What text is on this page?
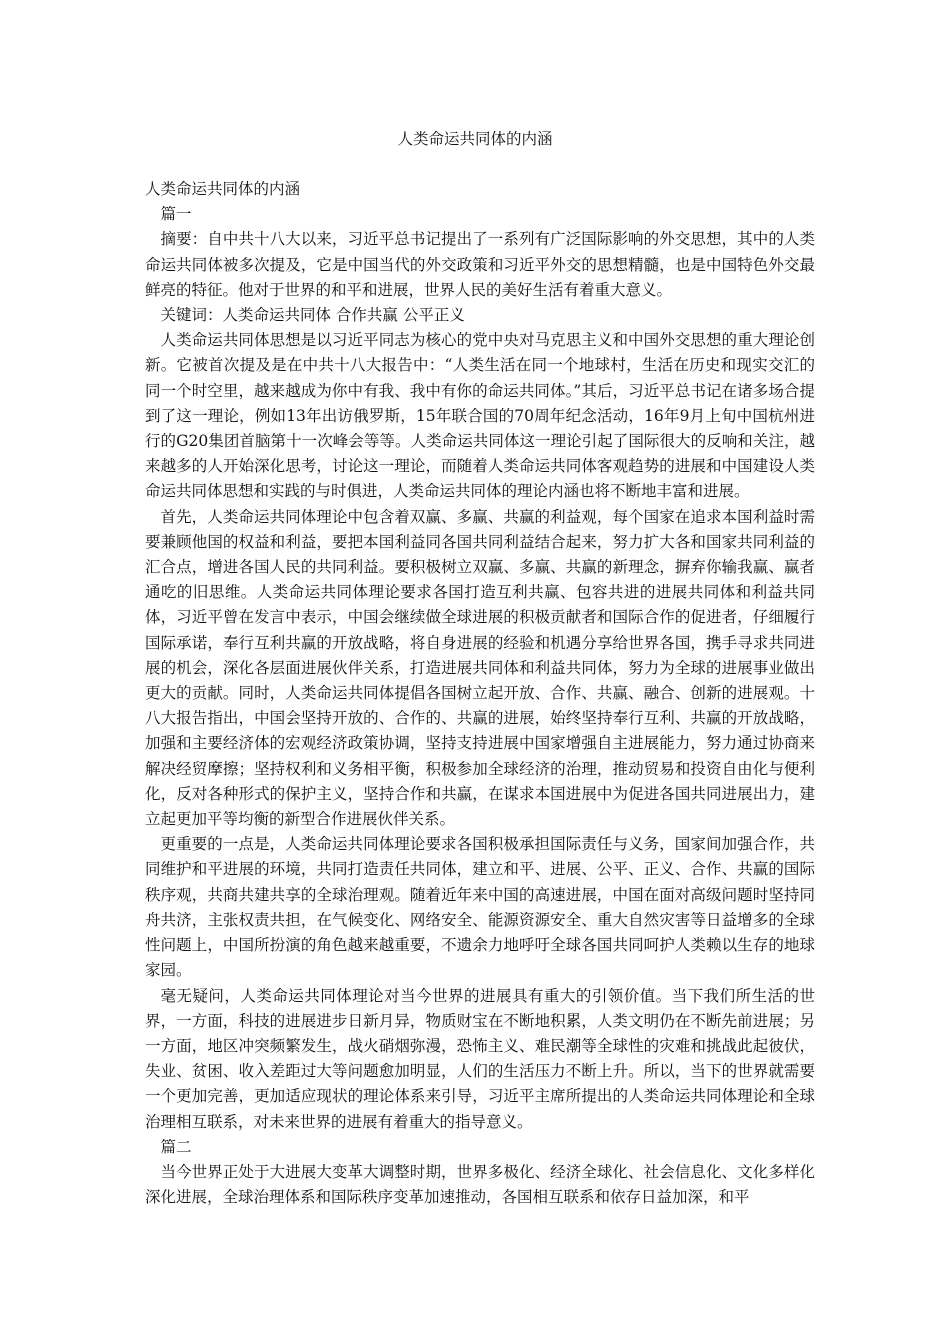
人类命运共同体的内涵

人类命运共同体的内涵

篇一

摘要：自中共十八大以来，习近平总书记提出了一系列有广泛国际影响的外交思想，其中的人类命运共同体被多次提及，它是中国当代的外交政策和习近平外交的思想精髓，也是中国特色外交最鲜亮的特征。他对于世界的和平和进展，世界人民的美好生活有着重大意义。

关键词：人类命运共同体 合作共赢 公平正义

人类命运共同体思想是以习近平同志为核心的党中央对马克思主义和中国外交思想的重大理论创新。它被首次提及是在中共十八大报告中：“人类生活在同一个地球村，生活在历史和现实交汇的同一个时空里，越来越成为你中有我、我中有你的命运共同体。”其后，习近平总书记在诸多场合提到了这一理论，例如13年出访俄罗斯，15年联合国的70周年纪念活动，16年9月上旬中国杭州进行的G20集团首脑第十一次峰会等等。人类命运共同体这一理论引起了国际很大的反响和关注，越来越多的人开始深化思考，讨论这一理论，而随着人类命运共同体客观趋势的进展和中国建设人类命运共同体思想和实践的与时俱进，人类命运共同体的理论内涵也将不断地丰富和进展。

首先，人类命运共同体理论中包含着双赢、多赢、共赢的利益观，每个国家在追求本国利益时需要兼顾他国的权益和利益，要把本国利益同各国共同利益结合起来，努力扩大各和国家共同利益的汇合点，增进各国人民的共同利益。要积极树立双赢、多赢、共赢的新理念，摒弃你输我赢、赢者通吃的旧思维。人类命运共同体理论要求各国打造互利共赢、包容共进的进展共同体和利益共同体，习近平曾在发言中表示，中国会继续做全球进展的积极贡献者和国际合作的促进者，仔细履行国际承诺，奉行互利共赢的开放战略，将自身进展的经验和机遇分享给世界各国，携手寻求共同进展的机会，深化各层面进展伙伴关系，打造进展共同体和利益共同体，努力为全球的进展事业做出更大的贡献。同时，人类命运共同体提倡各国树立起开放、合作、共赢、融合、创新的进展观。十八大报告指出，中国会坚持开放的、合作的、共赢的进展，始终坚持奉行互利、共赢的开放战略，加强和主要经济体的宏观经济政策协调，坚持支持进展中国家增强自主进展能力，努力通过协商来解决经贸摩擦；坚持权利和义务相平衡，积极参加全球经济的治理，推动贸易和投资自由化与便利化，反对各种形式的保护主义，坚持合作和共赢，在谋求本国进展中为促进各国共同进展出力，建立起更加平等均衡的新型合作进展伙伴关系。

更重要的一点是，人类命运共同体理论要求各国积极承担国际责任与义务，国家间加强合作，共同维护和平进展的环境，共同打造责任共同体，建立和平、进展、公平、正义、合作、共赢的国际秩序观，共商共建共享的全球治理观。随着近年来中国的高速进展，中国在面对高级问题时坚持同舟共济，主张权责共担，在气候变化、网络安全、能源资源安全、重大自然灾害等日益增多的全球性问题上，中国所扮演的角色越来越重要，不遗余力地呼吁全球各国共同呵护人类赖以生存的地球家园。

毫无疑问，人类命运共同体理论对当今世界的进展具有重大的引领价值。当下我们所生活的世界，一方面，科技的进展进步日新月异，物质财宝在不断地积累，人类文明仍在不断先前进展；另一方面，地区冲突频繁发生，战火硝烟弥漫，恐怖主义、难民潮等全球性的灾难和挑战此起彼伏，失业、贫困、收入差距过大等问题愈加明显，人们的生活压力不断上升。所以，当下的世界就需要一个更加完善，更加适应现状的理论体系来引导，习近平主席所提出的人类命运共同体理论和全球治理相互联系，对未来世界的进展有着重大的指导意义。

篇二

当今世界正处于大进展大变革大调整时期，世界多极化、经济全球化、社会信息化、文化多样化深化进展，全球治理体系和国际秩序变革加速推动，各国相互联系和依存日益加深，和平
